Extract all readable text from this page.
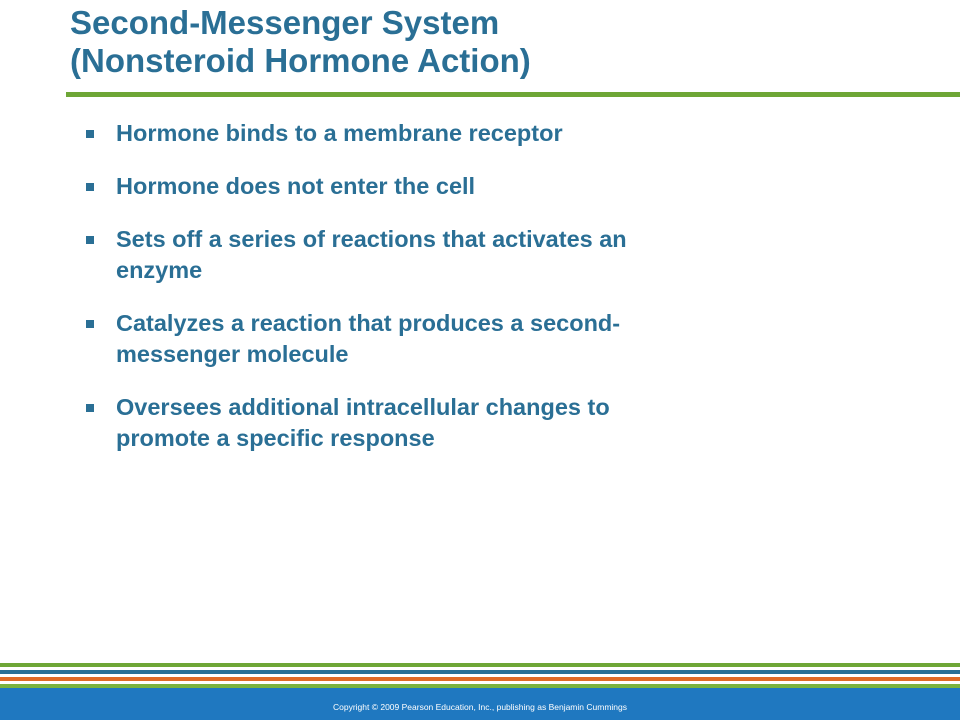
Second-Messenger System
(Nonsteroid Hormone Action)
Hormone binds to a membrane receptor
Hormone does not enter the cell
Sets off a series of reactions that activates an
enzyme
Catalyzes a reaction that produces a second-
messenger molecule
Oversees additional intracellular changes to
promote a specific response
Copyright © 2009 Pearson Education, Inc., publishing as Benjamin Cummings
